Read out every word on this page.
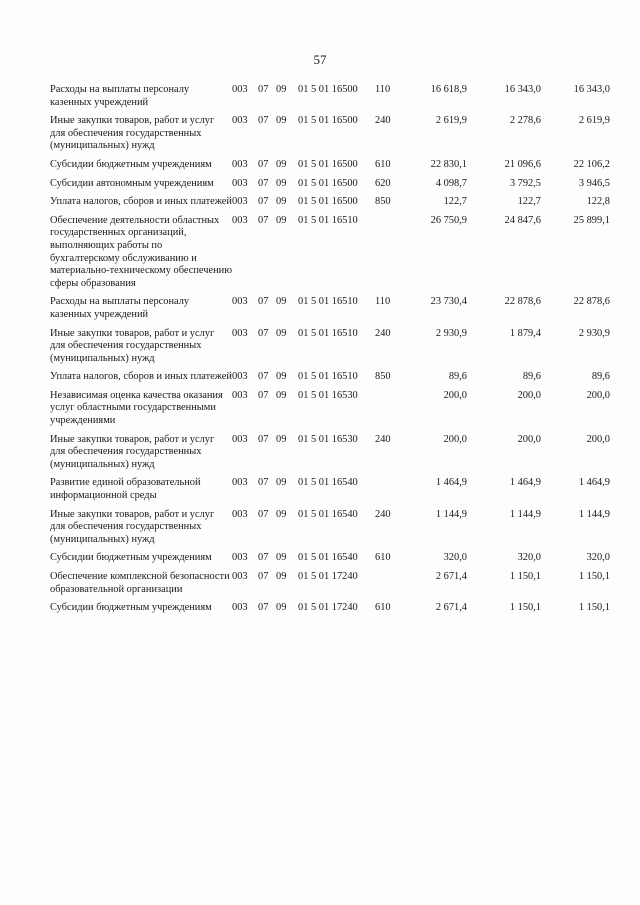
57
Расходы на выплаты персоналу казенных учреждений	003	07	09	01 5 01 16500	110	16 618,9	16 343,0	16 343,0
Иные закупки товаров, работ и услуг для обеспечения государственных (муниципальных) нужд	003	07	09	01 5 01 16500	240	2 619,9	2 278,6	2 619,9
Субсидии бюджетным учреждениям	003	07	09	01 5 01 16500	610	22 830,1	21 096,6	22 106,2
Субсидии автономным учреждениям	003	07	09	01 5 01 16500	620	4 098,7	3 792,5	3 946,5
Уплата налогов, сборов и иных платежей	003	07	09	01 5 01 16500	850	122,7	122,7	122,8
Обеспечение деятельности областных государственных организаций, выполняющих работы по бухгалтерскому обслуживанию и материально-техническому обеспечению сферы образования	003	07	09	01 5 01 16510		26 750,9	24 847,6	25 899,1
Расходы на выплаты персоналу казенных учреждений	003	07	09	01 5 01 16510	110	23 730,4	22 878,6	22 878,6
Иные закупки товаров, работ и услуг для обеспечения государственных (муниципальных) нужд	003	07	09	01 5 01 16510	240	2 930,9	1 879,4	2 930,9
Уплата налогов, сборов и иных платежей	003	07	09	01 5 01 16510	850	89,6	89,6	89,6
Независимая оценка качества оказания услуг областными государственными учреждениями	003	07	09	01 5 01 16530		200,0	200,0	200,0
Иные закупки товаров, работ и услуг для обеспечения государственных (муниципальных) нужд	003	07	09	01 5 01 16530	240	200,0	200,0	200,0
Развитие единой образовательной информационной среды	003	07	09	01 5 01 16540		1 464,9	1 464,9	1 464,9
Иные закупки товаров, работ и услуг для обеспечения государственных (муниципальных) нужд	003	07	09	01 5 01 16540	240	1 144,9	1 144,9	1 144,9
Субсидии бюджетным учреждениям	003	07	09	01 5 01 16540	610	320,0	320,0	320,0
Обеспечение комплексной безопасности образовательной организации	003	07	09	01 5 01 17240		2 671,4	1 150,1	1 150,1
Субсидии бюджетным учреждениям	003	07	09	01 5 01 17240	610	2 671,4	1 150,1	1 150,1
